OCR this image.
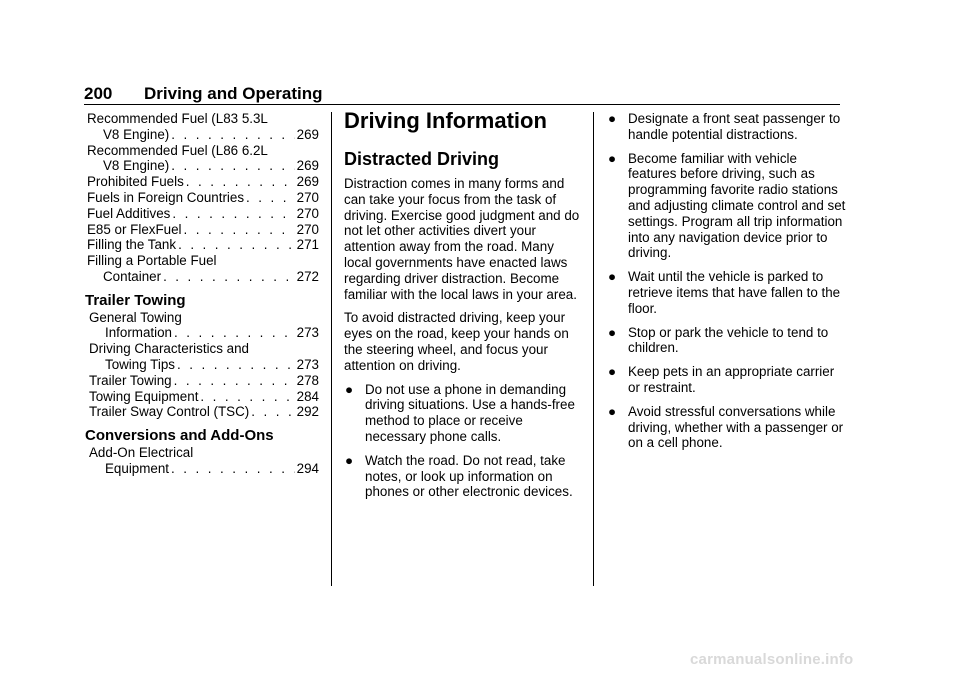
200	Driving and Operating
Recommended Fuel (L83 5.3L
V8 Engine) . . .	269
Recommended Fuel (L86 6.2L
V8 Engine) . . .	269
Prohibited Fuels . . .	269
Fuels in Foreign Countries . . .	270
Fuel Additives . . .	270
E85 or FlexFuel . . .	270
Filling the Tank . . .	271
Filling a Portable Fuel
Container . . .	272
Trailer Towing
General Towing
Information . . .	273
Driving Characteristics and
Towing Tips . . .	273
Trailer Towing . . .	278
Towing Equipment . . .	284
Trailer Sway Control (TSC) . . .	292
Conversions and Add-Ons
Add-On Electrical
Equipment . . .	294
Driving Information
Distracted Driving

Distraction comes in many forms and can take your focus from the task of driving. Exercise good judgment and do not let other activities divert your attention away from the road. Many local governments have enacted laws regarding driver distraction. Become familiar with the local laws in your area.

To avoid distracted driving, keep your eyes on the road, keep your hands on the steering wheel, and focus your attention on driving.

● Do not use a phone in demanding driving situations. Use a hands-free method to place or receive necessary phone calls.
● Watch the road. Do not read, take notes, or look up information on phones or other electronic devices.
● Designate a front seat passenger to handle potential distractions.
● Become familiar with vehicle features before driving, such as programming favorite radio stations and adjusting climate control and set settings. Program all trip information into any navigation device prior to driving.
● Wait until the vehicle is parked to retrieve items that have fallen to the floor.
● Stop or park the vehicle to tend to children.
● Keep pets in an appropriate carrier or restraint.
● Avoid stressful conversations while driving, whether with a passenger or on a cell phone.
carmanualsonline.info
